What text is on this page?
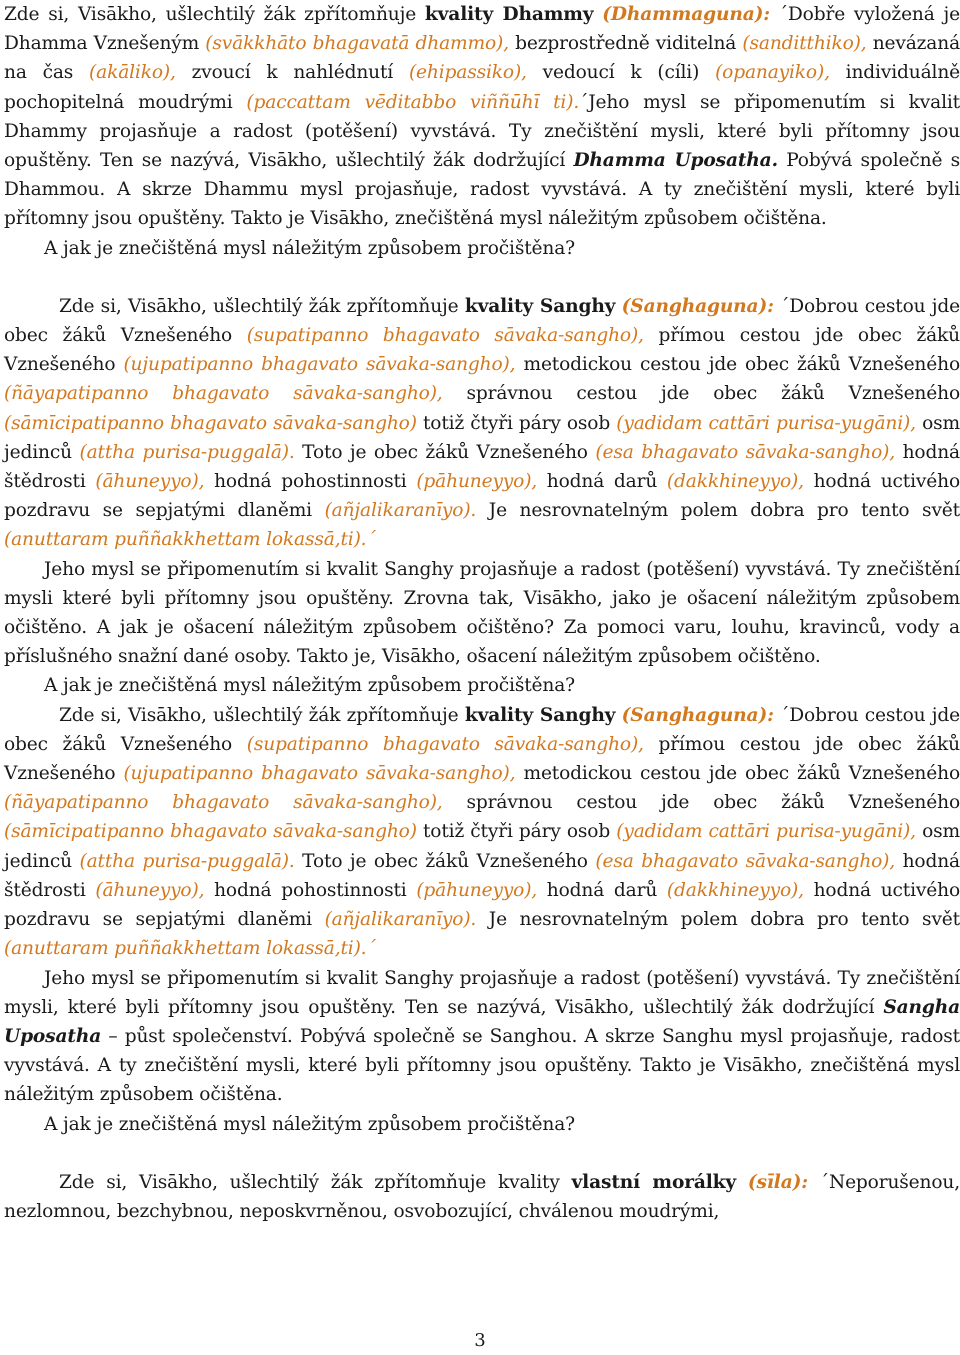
Zde si, Visākho, ušlechtilý žák zpřítomňuje kvality Dhammy (Dhammaguna): ´Dobře vyložená je Dhamma Vznešeným (svākkhāto bhagavatā dhammo), bezprostředně viditelná (sanditthiko), nevázaná na čas (akāliko), zvoucí k nahlédnutí (ehipassiko), vedoucí k (cíli) (opanayiko), individuálně pochopitelná moudrými (paccattam vēditabbo viññūhī ti).´Jeho mysl se připomenutím si kvalit Dhammy projasňuje a radost (potěšení) vyvstává. Ty znečištění mysli, které byli přítomny jsou opuštěny. Ten se nazývá, Visākho, ušlechtilý žák dodržující Dhamma Uposatha. Pobývá společně s Dhammou. A skrze Dhammu mysl projasňuje, radost vyvstává. A ty znečištění mysli, které byli přítomny jsou opuštěny. Takto je Visākho, znečištěná mysl náležitým způsobem očištěna.

A jak je znečištěná mysl náležitým způsobem pročištěna?

Zde si, Visākho, ušlechtilý žák zpřítomňuje kvality Sanghy (Sanghaguna): ´Dobrou cestou jde obec žáků Vznešeného (supatipanno bhagavato sāvaka-sangho), přímou cestou jde obec žáků Vznešeného (ujupatipanno bhagavato sāvaka-sangho), metodickou cestou jde obec žáků Vznešeného (ñāyapatipanno bhagavato sāvaka-sangho), správnou cestou jde obec žáků Vznešeného (sāmīcipatipanno bhagavato sāvaka-sangho) totiž čtyři páry osob (yadidam cattāri purisa-yugāni), osm jedinců (attha purisa-puggalā). Toto je obec žáků Vznešeného (esa bhagavato sāvaka-sangho), hodná štědrosti (āhuneyyo), hodná pohostinnosti (pāhuneyyo), hodná darů (dakkhineyyo), hodná uctivého pozdravu se sepjatými dlaněmi (añjalikaranīyo). Je nesrovnatelným polem dobra pro tento svět (anuttaram puññakkhettam lokassā,ti).´

Jeho mysl se připomenutím si kvalit Sanghy projasňuje a radost (potěšení) vyvstává. Ty znečištění mysli které byli přítomny jsou opuštěny. Zrovna tak, Visākho, jako je ošacení náležitým způsobem očištěno. A jak je ošacení náležitým způsobem očištěno? Za pomoci varu, louhu, kravinců, vody a příslušného snažní dané osoby. Takto je, Visākho, ošacení náležitým způsobem očištěno.

A jak je znečištěná mysl náležitým způsobem pročištěna?

Zde si, Visākho, ušlechtilý žák zpřítomňuje kvality Sanghy (Sanghaguna): ´Dobrou cestou jde obec žáků Vznešeného (supatipanno bhagavato sāvaka-sangho), přímou cestou jde obec žáků Vznešeného (ujupatipanno bhagavato sāvaka-sangho), metodickou cestou jde obec žáků Vznešeného (ñāyapatipanno bhagavato sāvaka-sangho), správnou cestou jde obec žáků Vznešeného (sāmīcipatipanno bhagavato sāvaka-sangho) totiž čtyři páry osob (yadidam cattāri purisa-yugāni), osm jedinců (attha purisa-puggalā). Toto je obec žáků Vznešeného (esa bhagavato sāvaka-sangho), hodná štědrosti (āhuneyyo), hodná pohostinnosti (pāhuneyyo), hodná darů (dakkhineyyo), hodná uctivého pozdravu se sepjatými dlaněmi (añjalikaranīyo). Je nesrovnatelným polem dobra pro tento svět (anuttaram puññakkhettam lokassā,ti).´

Jeho mysl se připomenutím si kvalit Sanghy projasňuje a radost (potěšení) vyvstává. Ty znečištění mysli, které byli přítomny jsou opuštěny. Ten se nazývá, Visākho, ušlechtilý žák dodržující Sangha Uposatha – půst společenství. Pobývá společně se Sanghou. A skrze Sanghu mysl projasňuje, radost vyvstává. A ty znečištění mysli, které byli přítomny jsou opuštěny. Takto je Visākho, znečištěná mysl náležitým způsobem očištěna.

A jak je znečištěná mysl náležitým způsobem pročištěna?

Zde si, Visākho, ušlechtilý žák zpřítomňuje kvality vlastní morálky (sīla): ´Neporušenou, nezlomnou, bezchybnou, neposkvrněnou, osvobozující, chválenou moudrými,

3
